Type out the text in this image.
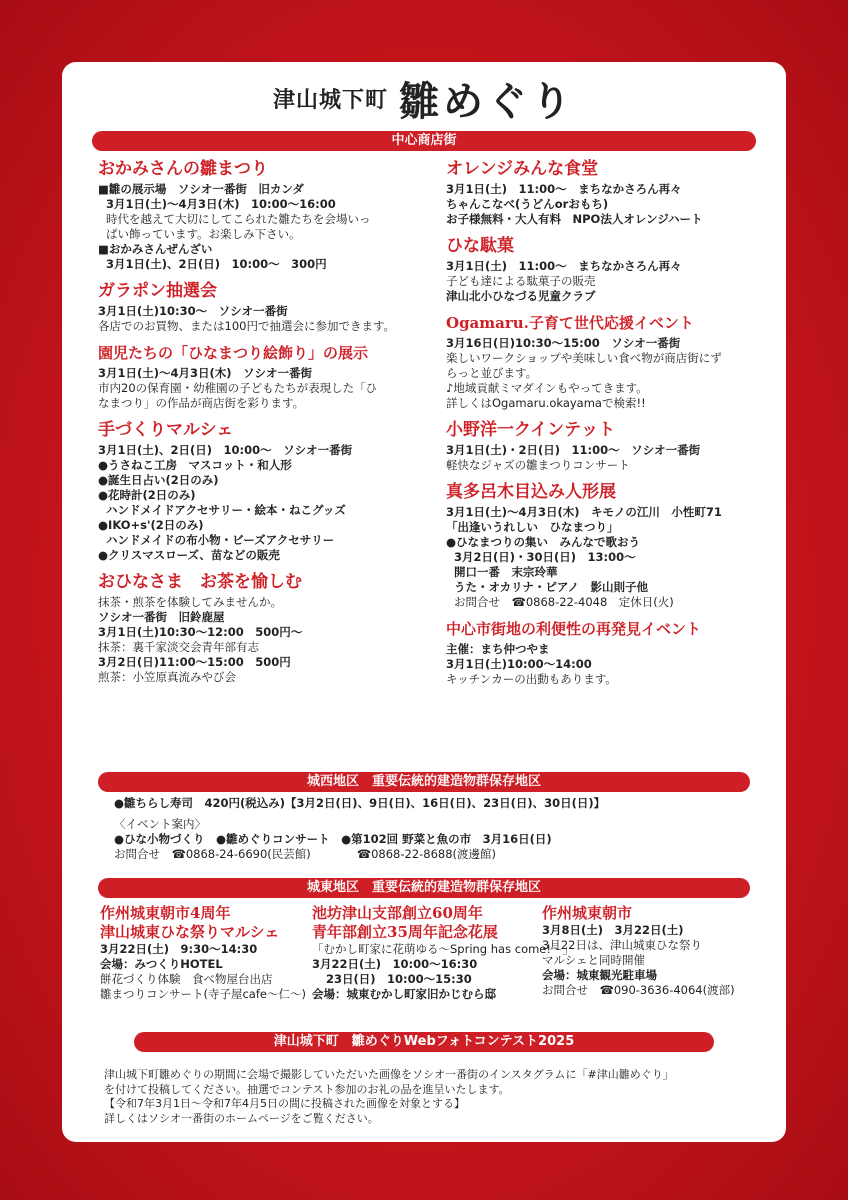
津山城下町 雛めぐり
中心商店街
おかみさんの雛まつり
■雛の展示場　ソシオ一番街　旧カンダ
3月1日(土)～4月3日(木)　10:00～16:00
時代を越えて大切にしてこられた雛たちを会場いっ
ぱい飾っています。お楽しみ下さい。
■おかみさんぜんざい
3月1日(土)、2日(日)　10:00～　300円
ガラポン抽選会
3月1日(土)10:30～　ソシオ一番街
各店でのお買物、または100円で抽選会に参加できます。
園児たちの「ひなまつり絵飾り」の展示
3月1日(土)～4月3日(木)　ソシオ一番街
市内20の保育園・幼稚園の子どもたちが表現した「ひ
なまつり」の作品が商店街を彩ります。
手づくりマルシェ
3月1日(土)、2日(日)　10:00～　ソシオ一番街
●うさねこ工房　マスコット・和人形
●誕生日占い(2日のみ)
●花時計(2日のみ)
ハンドメイドアクセサリー・絵本・ねこグッズ
●IKO+s'(2日のみ)
ハンドメイドの布小物・ビーズアクセサリー
●クリスマスローズ、苗などの販売
おひなさま　お茶を愉しむ
抹茶・煎茶を体験してみませんか。
ソシオ一番街　旧鈴鹿屋
3月1日(土)10:30～12:00　500円～
抹茶：裏千家淡交会青年部有志
3月2日(日)11:00～15:00　500円
煎茶：小笠原真流みやび会
オレンジみんな食堂
3月1日(土)　11:00～　まちなかさろん再々
ちゃんこなべ(うどんorおもち)
お子様無料・大人有料　NPO法人オレンジハート
ひな駄菓
3月1日(土)　11:00～　まちなかさろん再々
子ども達による駄菓子の販売
津山北小ひなづる児童クラブ
Ogamaru.子育て世代応援イベント
3月16日(日)10:30～15:00　ソシオ一番街
楽しいワークショップや美味しい食べ物が商店街にず
らっと並びます。
♪地域貢献ミマダインもやってきます。
詳しくはOgamaru.okayamaで検索!!
小野洋一クインテット
3月1日(土)・2日(日)　11:00～　ソシオ一番街
軽快なジャズの雛まつりコンサート
真多呂木目込み人形展
3月1日(土)～4月3日(木)　キモノの江川　小性町71
「出逢いうれしい　ひなまつり」
●ひなまつりの集い　みんなで歌おう
3月2日(日)・30日(日)　13:00～
開口一番　末宗玲華
うた・オカリナ・ピアノ　影山則子他
お問合せ　☎0868-22-4048　定休日(火)
中心市街地の利便性の再発見イベント
主催：まち仲つやま
3月1日(土)10:00～14:00
キッチンカーの出動もあります。
城西地区　重要伝統的建造物群保存地区
●雛ちらし寿司　420円(税込み)【3月2日(日)、9日(日)、16日(日)、23日(日)、30日(日)】
〈イベント案内〉
●ひな小物づくり　●雛めぐりコンサート　●第102回 野菜と魚の市　3月16日(日)
お問合せ　☎0868-24-6690(民芸館)　　　　☎0868-22-8688(渡邊館)
城東地区　重要伝統的建造物群保存地区
作州城東朝市4周年
津山城東ひな祭りマルシェ
3月22日(土)　9:30～14:30
会場：みつくりHOTEL
餅花づくり体験　食べ物屋台出店
雛まつりコンサート(寺子屋cafe～仁～)
池坊津山支部創立60周年
青年部創立35周年記念花展
「むかし町家に花萌ゆる～Spring has come!～」
3月22日(土)　10:00～16:30
23日(日)　10:00～15:30
会場：城東むかし町家旧かじむら邸
作州城東朝市
3月8日(土)　3月22日(土)
3月22日は、津山城東ひな祭り
マルシェと同時開催
会場：城東観光駐車場
お問合せ　☎090-3636-4064(渡部)
津山城下町　雛めぐりWebフォトコンテスト2025
津山城下町雛めぐりの期間に会場で撮影していただいた画像をソシオ一番街のインスタグラムに「#津山雛めぐり」
を付けて投稿してください。抽選でコンテスト参加のお礼の品を進呈いたします。
【令和7年3月1日～令和7年4月5日の間に投稿された画像を対象とする】
詳しくはソシオ一番街のホームページをご覧ください。
